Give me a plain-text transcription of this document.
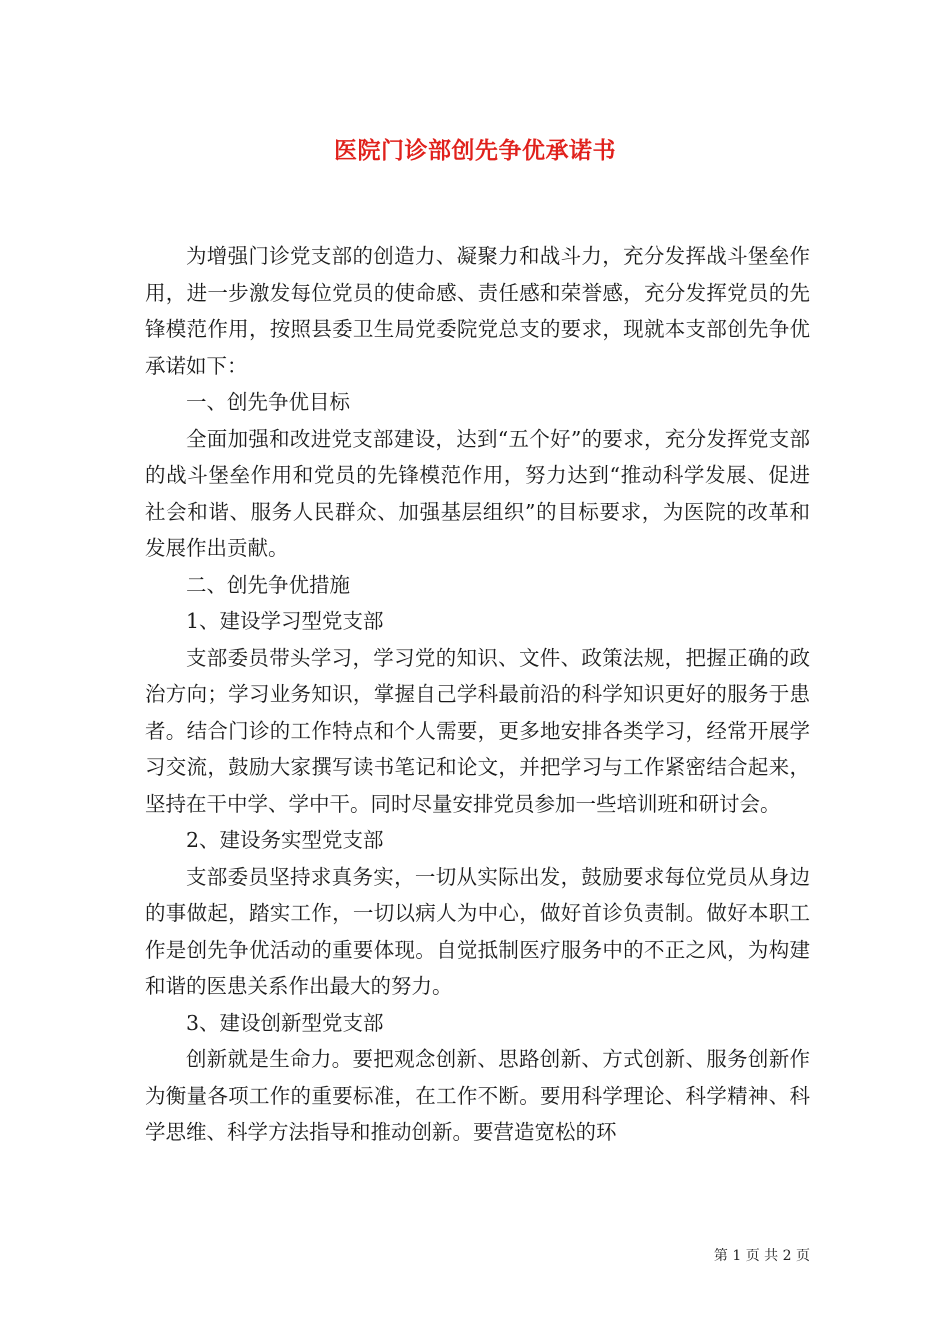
医院门诊部创先争优承诺书

为增强门诊党支部的创造力、凝聚力和战斗力，充分发挥战斗堡垒作用，进一步激发每位党员的使命感、责任感和荣誉感，充分发挥党员的先锋模范作用，按照县委卫生局党委院党总支的要求，现就本支部创先争优承诺如下：

一、创先争优目标

全面加强和改进党支部建设，达到“五个好”的要求，充分发挥党支部的战斗堡垒作用和党员的先锋模范作用，努力达到“推动科学发展、促进社会和谐、服务人民群众、加强基层组织”的目标要求，为医院的改革和发展作出贡献。

二、创先争优措施

1、建设学习型党支部

支部委员带头学习，学习党的知识、文件、政策法规，把握正确的政治方向；学习业务知识，掌握自己学科最前沿的科学知识更好的服务于患者。结合门诊的工作特点和个人需要，更多地安排各类学习，经常开展学习交流，鼓励大家撰写读书笔记和论文，并把学习与工作紧密结合起来，坚持在干中学、学中干。同时尽量安排党员参加一些培训班和研讨会。

2、建设务实型党支部

支部委员坚持求真务实，一切从实际出发，鼓励要求每位党员从身边的事做起，踏实工作，一切以病人为中心，做好首诊负责制。做好本职工作是创先争优活动的重要体现。自觉抵制医疗服务中的不正之风，为构建和谐的医患关系作出最大的努力。

3、建设创新型党支部

创新就是生命力。要把观念创新、思路创新、方式创新、服务创新作为衡量各项工作的重要标准，在工作不断。要用科学理论、科学精神、科学思维、科学方法指导和推动创新。要营造宽松的环

第 1 页 共 2 页
